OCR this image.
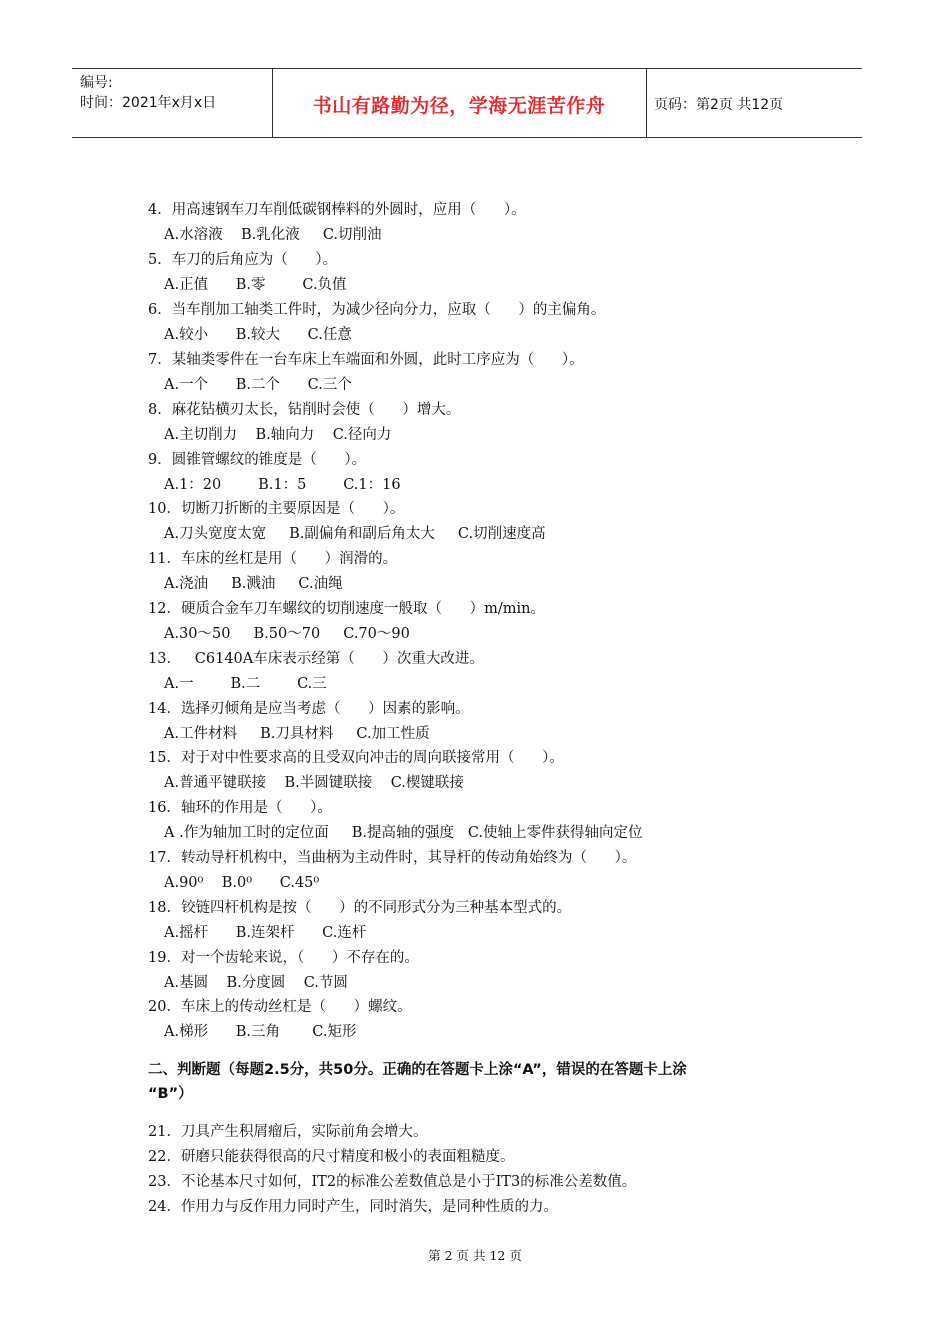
编号:
时间：2021年x月x日	书山有路勤为径，学海无涯苦作舟	页码：第2页 共12页
4．用高速钢车刀车削低碳钢棒料的外圆时，应用（      ）。
A.水溶液    B.乳化液     C.切削油
5．车刀的后角应为（      ）。
A.正值      B.零        C.负值
6．当车削加工轴类工件时，为减少径向分力，应取（      ）的主偏角。
A.较小      B.较大      C.任意
7．某轴类零件在一台车床上车端面和外圆，此时工序应为（      ）。
A.一个      B.二个      C.三个
8．麻花钻横刃太长，钻削时会使（      ）增大。
A.主切削力    B.轴向力    C.径向力
9．圆锥管螺纹的锥度是（      ）。
A.1：20        B.1：5        C.1：16
10．切断刀折断的主要原因是（      ）。
A.刀头宽度太宽     B.副偏角和副后角太大     C.切削速度高
11．车床的丝杠是用（      ）润滑的。
A.浇油     B.溅油     C.油绳
12．硬质合金车刀车螺纹的切削速度一般取（      ）m/min。
A.30～50     B.50～70     C.70～90
13．   C6140A车床表示经第（      ）次重大改进。
A.一        B.二        C.三
14．选择刃倾角是应当考虑（      ）因素的影响。
A.工件材料     B.刀具材料     C.加工性质
15．对于对中性要求高的且受双向冲击的周向联接常用（      ）。
A.普通平键联接    B.半圆键联接    C.楔键联接
16．轴环的作用是（      ）。
A .作为轴加工时的定位面     B.提高轴的强度   C.使轴上零件获得轴向定位
17．转动导杆机构中，当曲柄为主动件时，其导杆的传动角始终为（      ）。
A.90⁰    B.0⁰      C.45⁰
18．铰链四杆机构是按（      ）的不同形式分为三种基本型式的。
A.摇杆      B.连架杆      C.连杆
19．对一个齿轮来说，（      ）不存在的。
A.基圆    B.分度圆    C.节圆
20．车床上的传动丝杠是（      ）螺纹。
A.梯形      B.三角       C.矩形
二、判断题（每题2.5分，共50分。正确的在答题卡上涂“A”，错误的在答题卡上涂
“B”）
21．刀具产生积屑瘤后，实际前角会增大。
22．研磨只能获得很高的尺寸精度和极小的表面粗糙度。
23．不论基本尺寸如何，IT2的标准公差数值总是小于IT3的标准公差数值。
24．作用力与反作用力同时产生，同时消失，是同种性质的力。
第 2 页 共 12 页
